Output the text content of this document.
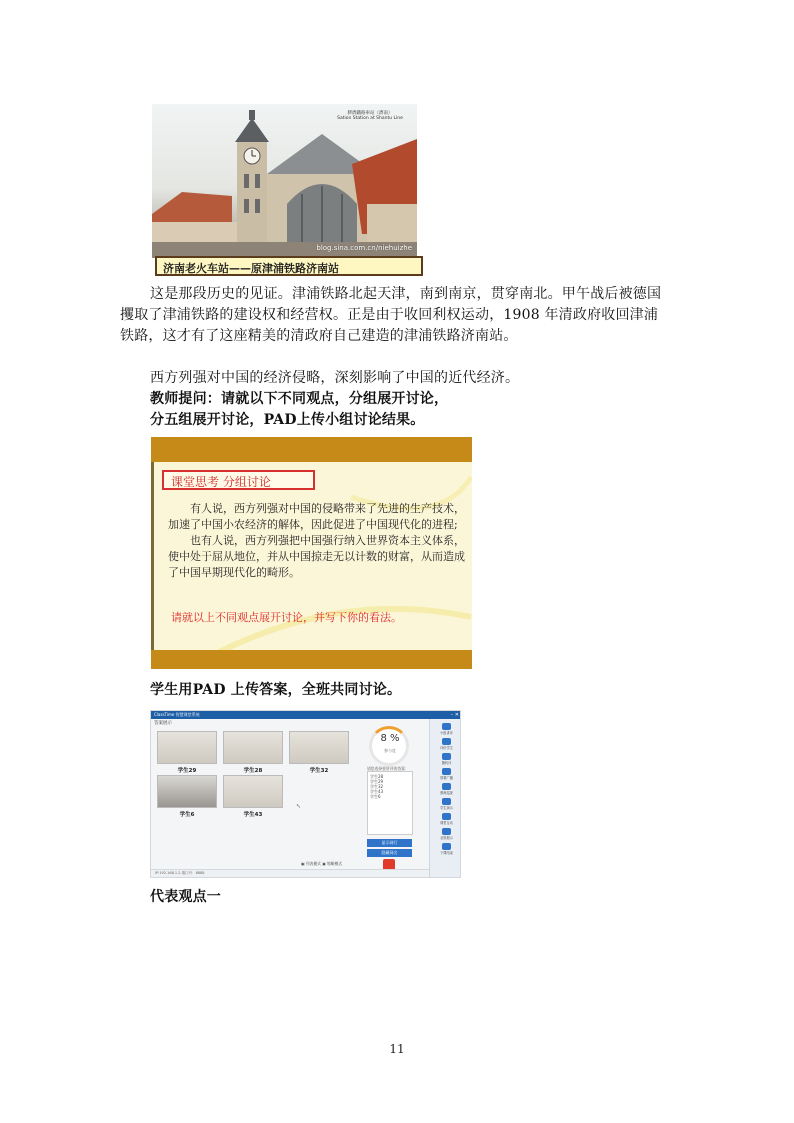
膠濟鐵路車站（濟南）
Sation Station at Shantu Line
blog.sina.com.cn/niehuizhe
济南老火车站——原津浦铁路济南站
这是那段历史的见证。津浦铁路北起天津，南到南京，贯穿南北。甲午战后被德国攫取了津浦铁路的建设权和经营权。正是由于收回利权运动，1908 年清政府收回津浦铁路，这才有了这座精美的清政府自己建造的津浦铁路济南站。
西方列强对中国的经济侵略，深刻影响了中国的近代经济。
教师提问：请就以下不同观点，分组展开讨论，
分五组展开讨论，PAD上传小组讨论结果。
课堂思考 分组讨论

有人说，西方列强对中国的侵略带来了先进的生产技术，加速了中国小农经济的解体，因此促进了中国现代化的进程;

也有人说，西方列强把中国强行纳入世界资本主义体系，使中处于屈从地位，并从中国掠走无以计数的财富，从而造成了中国早期现代化的畸形。

请就以上不同观点展开讨论，并写下你的看法。
学生用PAD 上传答案，全班共同讨论。
ClassTime 智慧课堂系统	– ✕
答案展示
学生29	学生28	学生32
学生6	学生43
↖
8 %
参与度
请您选择要讲评的答案：
学生28
学生29
学生32
学生43
学生6
显示网行
隐藏网名
小组讲评
评价学生
随机评
屏幕广播
教师巡视
学生演示
课堂互动
全屏展示
下课结束
▣ 列表模式 ▣ 缩略模式
IP:192.168.1.2 端口号：8888
代表观点一
11
